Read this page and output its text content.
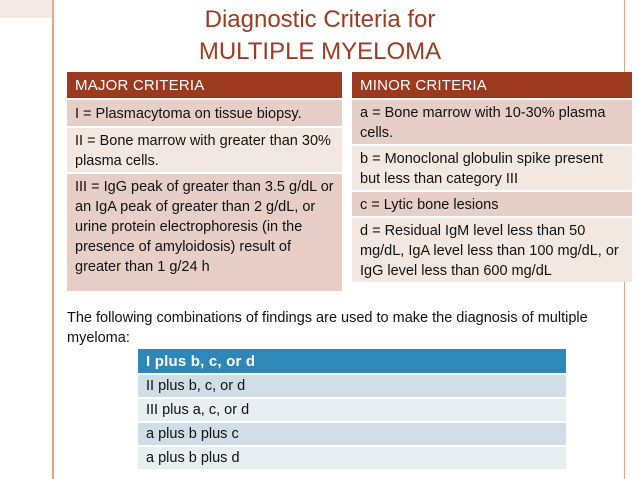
Diagnostic Criteria for
MULTIPLE MYELOMA
MAJOR CRITERIA
I = Plasmacytoma on tissue biopsy.
II = Bone marrow with greater than 30% plasma cells.
III = IgG peak of greater than 3.5 g/dL or an IgA peak of greater than 2 g/dL, or urine protein electrophoresis (in the presence of amyloidosis) result of greater than 1 g/24 h
MINOR CRITERIA
a = Bone marrow with 10-30% plasma cells.
b = Monoclonal globulin spike present but less than category III
c = Lytic bone lesions
d = Residual IgM level less than 50 mg/dL, IgA level less than 100 mg/dL, or IgG level less than 600 mg/dL
The following combinations of findings are used to make the diagnosis of multiple myeloma:
I plus b, c, or d
II plus b, c, or d
III plus a, c, or d
a plus b plus c
a plus b plus d
